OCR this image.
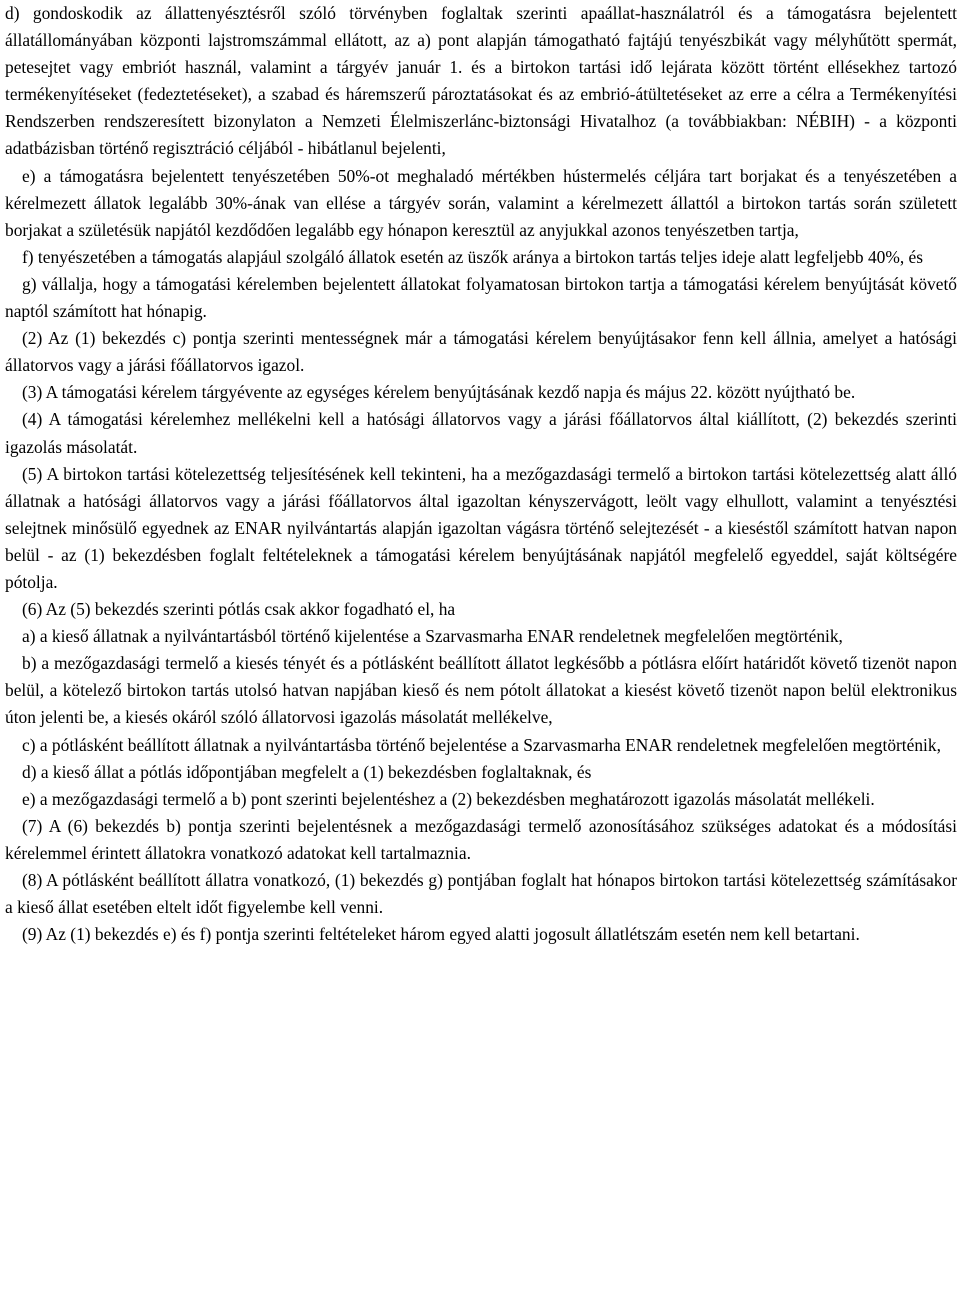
d) gondoskodik az állattenyésztésről szóló törvényben foglaltak szerinti apaállat-használatról és a támogatásra bejelentett állatállományában központi lajstromszámmal ellátott, az a) pont alapján támogatható fajtájú tenyészbikát vagy mélyhűtött spermát, petesejtet vagy embriót használ, valamint a tárgyév január 1. és a birtokon tartási idő lejárata között történt ellésekhez tartozó termékenyítéseket (fedeztetéseket), a szabad és háremszerű pároztatásokat és az embrió-átültetéseket az erre a célra a Termékenyítési Rendszerben rendszeresített bizonylaton a Nemzeti Élelmiszerlánc-biztonsági Hivatalhoz (a továbbiakban: NÉBIH) - a központi adatbázisban történő regisztráció céljából - hibátlanul bejelenti,

e) a támogatásra bejelentett tenyészetében 50%-ot meghaladó mértékben hústermelés céljára tart borjakat és a tenyészetében a kérelmezett állatok legalább 30%-ának van ellése a tárgyév során, valamint a kérelmezett állattól a birtokon tartás során született borjakat a születésük napjától kezdődően legalább egy hónapon keresztül az anyjukkal azonos tenyészetben tartja,

f) tenyészetében a támogatás alapjául szolgáló állatok esetén az üszők aránya a birtokon tartás teljes ideje alatt legfeljebb 40%, és

g) vállalja, hogy a támogatási kérelemben bejelentett állatokat folyamatosan birtokon tartja a támogatási kérelem benyújtását követő naptól számított hat hónapig.

(2) Az (1) bekezdés c) pontja szerinti mentességnek már a támogatási kérelem benyújtásakor fenn kell állnia, amelyet a hatósági állatorvos vagy a járási főállatorvos igazol.

(3) A támogatási kérelem tárgyévente az egységes kérelem benyújtásának kezdő napja és május 22. között nyújtható be.

(4) A támogatási kérelemhez mellékelni kell a hatósági állatorvos vagy a járási főállatorvos által kiállított, (2) bekezdés szerinti igazolás másolatát.

(5) A birtokon tartási kötelezettség teljesítésének kell tekinteni, ha a mezőgazdasági termelő a birtokon tartási kötelezettség alatt álló állatnak a hatósági állatorvos vagy a járási főállatorvos által igazoltan kényszervágott, leölt vagy elhullott, valamint a tenyésztési selejtnek minősülő egyednek az ENAR nyilvántartás alapján igazoltan vágásra történő selejtezését - a kieséstől számított hatvan napon belül - az (1) bekezdésben foglalt feltételeknek a támogatási kérelem benyújtásának napjától megfelelő egyeddel, saját költségére pótolja.

(6) Az (5) bekezdés szerinti pótlás csak akkor fogadható el, ha

a) a kieső állatnak a nyilvántartásból történő kijelentése a Szarvasmarha ENAR rendeletnek megfelelően megtörténik,

b) a mezőgazdasági termelő a kiesés tényét és a pótlásként beállított állatot legkésőbb a pótlásra előírt határidőt követő tizenöt napon belül, a kötelező birtokon tartás utolsó hatvan napjában kieső és nem pótolt állatokat a kiesést követő tizenöt napon belül elektronikus úton jelenti be, a kiesés okáról szóló állatorvosi igazolás másolatát mellékelve,

c) a pótlásként beállított állatnak a nyilvántartásba történő bejelentése a Szarvasmarha ENAR rendeletnek megfelelően megtörténik,

d) a kieső állat a pótlás időpontjában megfelelt a (1) bekezdésben foglaltaknak, és

e) a mezőgazdasági termelő a b) pont szerinti bejelentéshez a (2) bekezdésben meghatározott igazolás másolatát mellékeli.

(7) A (6) bekezdés b) pontja szerinti bejelentésnek a mezőgazdasági termelő azonosításához szükséges adatokat és a módosítási kérelemmel érintett állatokra vonatkozó adatokat kell tartalmaznia.

(8) A pótlásként beállított állatra vonatkozó, (1) bekezdés g) pontjában foglalt hat hónapos birtokon tartási kötelezettség számításakor a kieső állat esetében eltelt időt figyelembe kell venni.

(9) Az (1) bekezdés e) és f) pontja szerinti feltételeket három egyed alatti jogosult állatlétszám esetén nem kell betartani.
